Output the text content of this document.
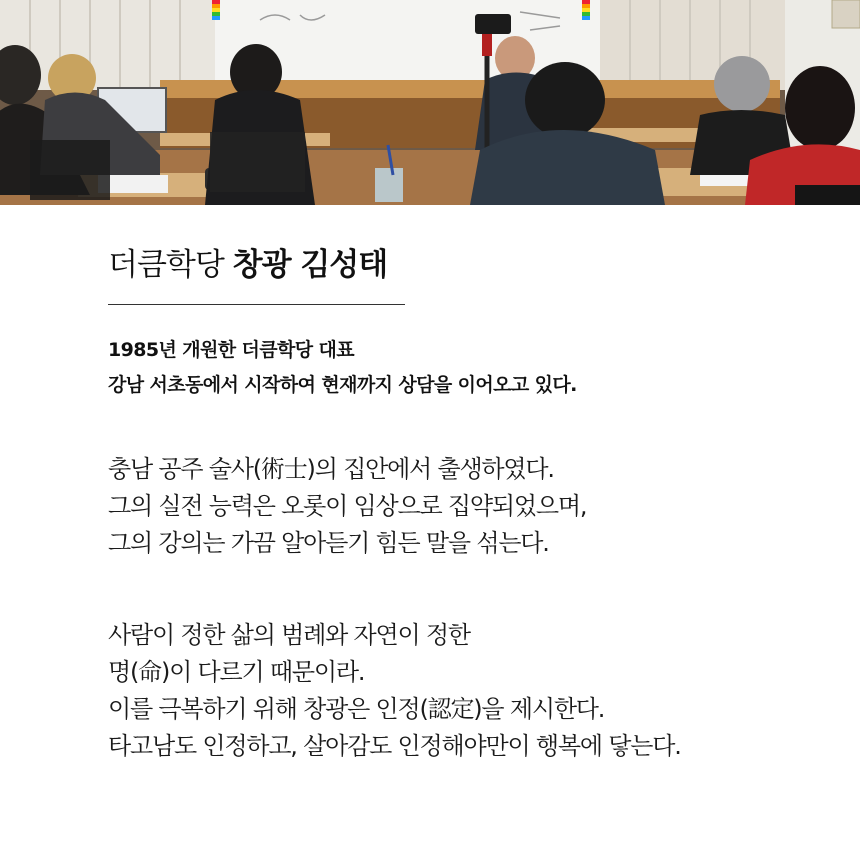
더큼학당 창광 김성태
1985년 개원한 더큼학당 대표
강남 서초동에서 시작하여 현재까지 상담을 이어오고 있다.
충남 공주 술사(術士)의 집안에서 출생하였다.
그의 실전 능력은 오롯이 임상으로 집약되었으며,
그의 강의는 가끔 알아듣기 힘든 말을 섞는다.
사람이 정한 삶의 범례와 자연이 정한
명(命)이 다르기 때문이라.
이를 극복하기 위해 창광은 인정(認定)을 제시한다.
타고남도 인정하고, 살아감도 인정해야만이 행복에 닿는다.
